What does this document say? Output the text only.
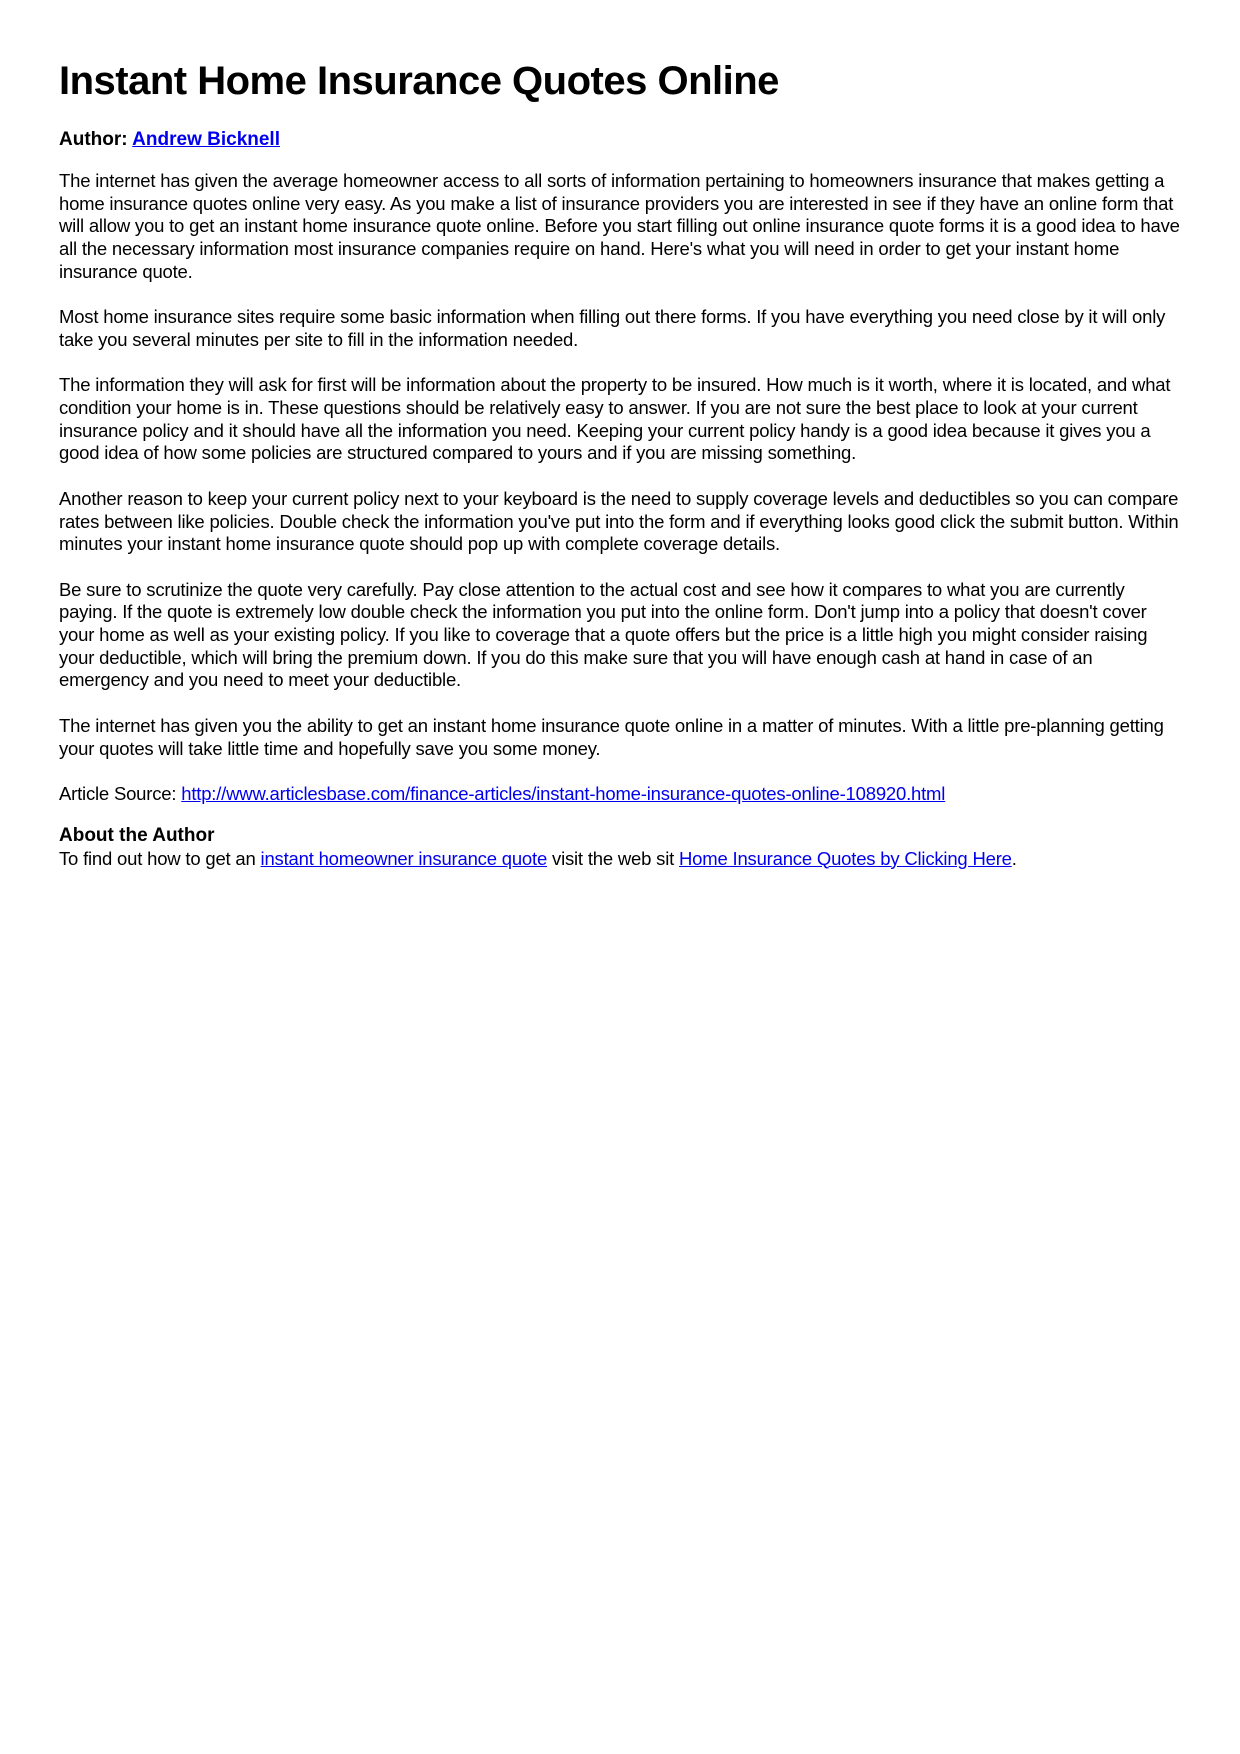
Instant Home Insurance Quotes Online
Author: Andrew Bicknell

The internet has given the average homeowner access to all sorts of information pertaining to homeowners insurance that makes getting a home insurance quotes online very easy. As you make a list of insurance providers you are interested in see if they have an online form that will allow you to get an instant home insurance quote online. Before you start filling out online insurance quote forms it is a good idea to have all the necessary information most insurance companies require on hand. Here's what you will need in order to get your instant home insurance quote.

Most home insurance sites require some basic information when filling out there forms. If you have everything you need close by it will only take you several minutes per site to fill in the information needed.

The information they will ask for first will be information about the property to be insured. How much is it worth, where it is located, and what condition your home is in. These questions should be relatively easy to answer. If you are not sure the best place to look at your current insurance policy and it should have all the information you need. Keeping your current policy handy is a good idea because it gives you a good idea of how some policies are structured compared to yours and if you are missing something.

Another reason to keep your current policy next to your keyboard is the need to supply coverage levels and deductibles so you can compare rates between like policies. Double check the information you've put into the form and if everything looks good click the submit button. Within minutes your instant home insurance quote should pop up with complete coverage details.

Be sure to scrutinize the quote very carefully. Pay close attention to the actual cost and see how it compares to what you are currently paying. If the quote is extremely low double check the information you put into the online form. Don't jump into a policy that doesn't cover your home as well as your existing policy. If you like to coverage that a quote offers but the price is a little high you might consider raising your deductible, which will bring the premium down. If you do this make sure that you will have enough cash at hand in case of an emergency and you need to meet your deductible.

The internet has given you the ability to get an instant home insurance quote online in a matter of minutes. With a little pre-planning getting your quotes will take little time and hopefully save you some money.

Article Source: http://www.articlesbase.com/finance-articles/instant-home-insurance-quotes-online-108920.html

About the Author

To find out how to get an instant homeowner insurance quote visit the web sit Home Insurance Quotes by Clicking Here.
